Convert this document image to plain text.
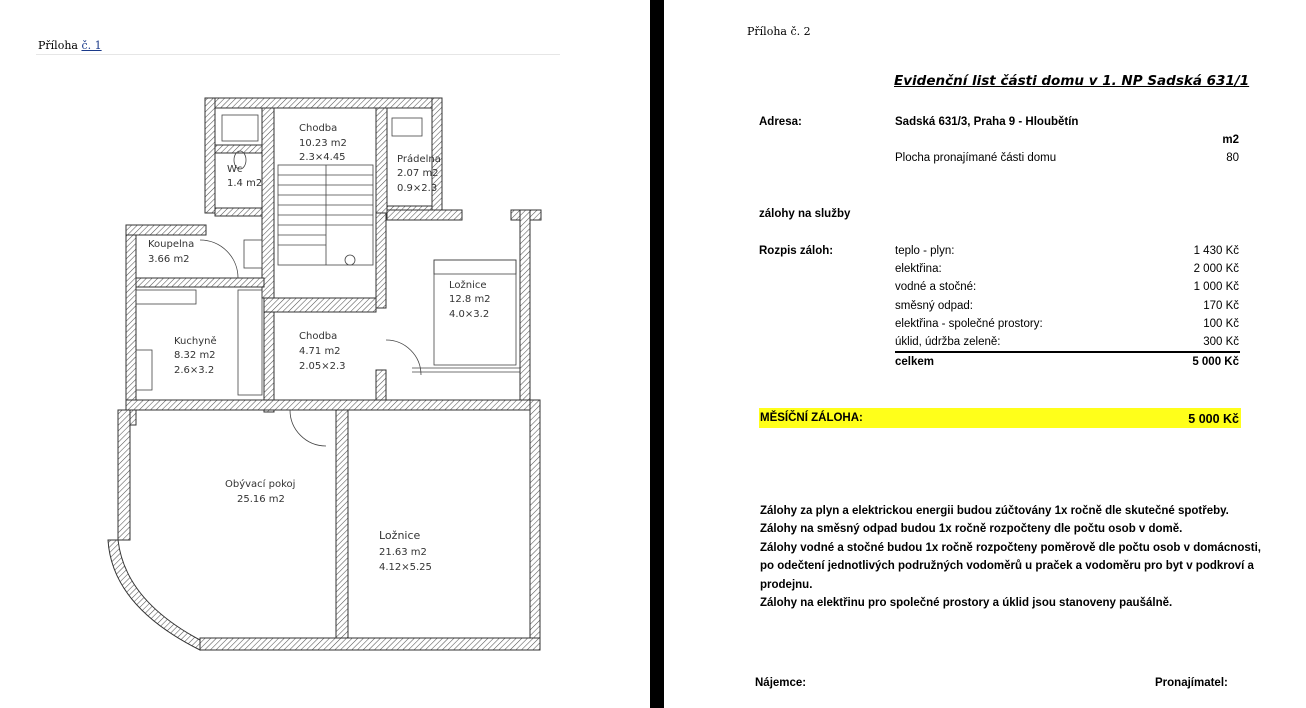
Příloha č. 1
Chodba
10.23 m2
2.3×4.45	Prádelna
2.07 m2
0.9×2.3
Wc
1.4 m2
Koupelna
3.66 m2
Ložnice
12.8 m2
4.0×3.2
Kuchyně
8.32 m2
2.6×3.2
Chodba
4.71 m2
2.05×2.3
Obývací pokoj
25.16 m2
Ložnice
21.63 m2
4.12×5.25
Příloha č. 2
Evidenční list části domu v 1. NP Sadská 631/1
Adresa:	Sadská 631/3, Praha 9 - Hloubětín
m2
Plocha pronajímané části domu	80
zálohy na služby
Rozpis záloh:	teplo - plyn:	1 430 Kč
elektřina:	2 000 Kč
vodné a stočné:	1 000 Kč
směsný odpad:	170 Kč
elektřina - společné prostory:	100 Kč
úklid, údržba zeleně:	300 Kč
celkem	5 000 Kč
MĚSÍČNÍ ZÁLOHA:	5 000 Kč
Zálohy za plyn a elektrickou energii budou zúčtovány 1x ročně dle skutečné spotřeby.
Zálohy na směsný odpad budou 1x ročně rozpočteny dle počtu osob v domě.
Zálohy vodné a stočné budou 1x ročně rozpočteny poměrově dle počtu osob v domácnosti,
po odečtení jednotlivých podružných vodoměrů u praček a vodoměru pro byt v podkroví a
prodejnu.
Zálohy na elektřinu pro společné prostory a úklid jsou stanoveny paušálně.
Nájemce:	Pronajímatel:
